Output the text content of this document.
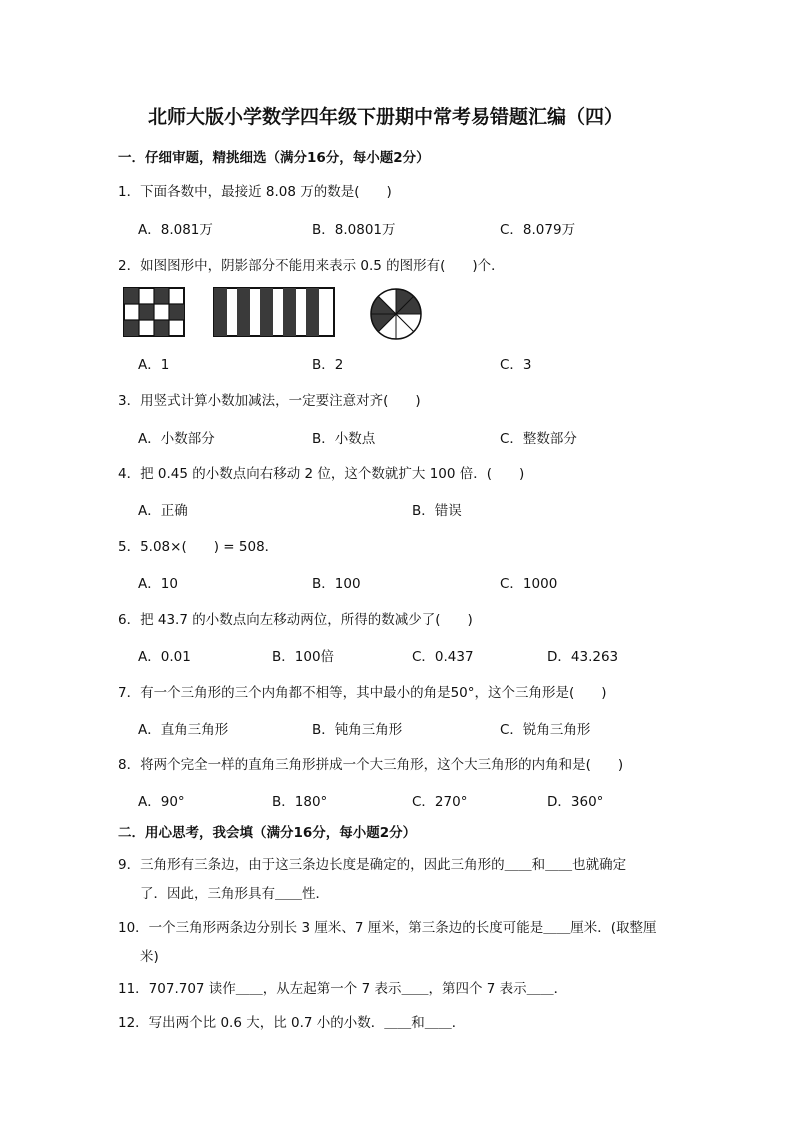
北师大版小学数学四年级下册期中常考易错题汇编（四）
一．仔细审题，精挑细选（满分16分，每小题2分）
1．下面各数中，最接近 8.08 万的数是(　　)
A．8.081万	B．8.0801万	C．8.079万
2．如图图形中，阴影部分不能用来表示 0.5 的图形有(　　)个．
A．1	B．2	C．3
3．用竖式计算小数加减法，一定要注意对齐(　　)
A．小数部分	B．小数点	C．整数部分
4．把 0.45 的小数点向右移动 2 位，这个数就扩大 100 倍．(　　)
A．正确	B．错误
5．5.08×(　　) = 508．
A．10	B．100	C．1000
6．把 43.7 的小数点向左移动两位，所得的数减少了(　　)
A．0.01	B．100倍	C．0.437	D．43.263
7．有一个三角形的三个内角都不相等，其中最小的角是50°，这个三角形是(　　)
A．直角三角形	B．钝角三角形	C．锐角三角形
8．将两个完全一样的直角三角形拼成一个大三角形，这个大三角形的内角和是(　　)
A．90°	B．180°	C．270°	D．360°
二．用心思考，我会填（满分16分，每小题2分）
9．三角形有三条边，由于这三条边长度是确定的，因此三角形的＿＿和＿＿也就确定
了．因此，三角形具有＿＿性．
10．一个三角形两条边分别长 3 厘米、7 厘米，第三条边的长度可能是＿＿厘米．(取整厘
米)
11．707.707 读作＿＿，从左起第一个 7 表示＿＿，第四个 7 表示＿＿．
12．写出两个比 0.6 大，比 0.7 小的小数．＿＿和＿＿．
